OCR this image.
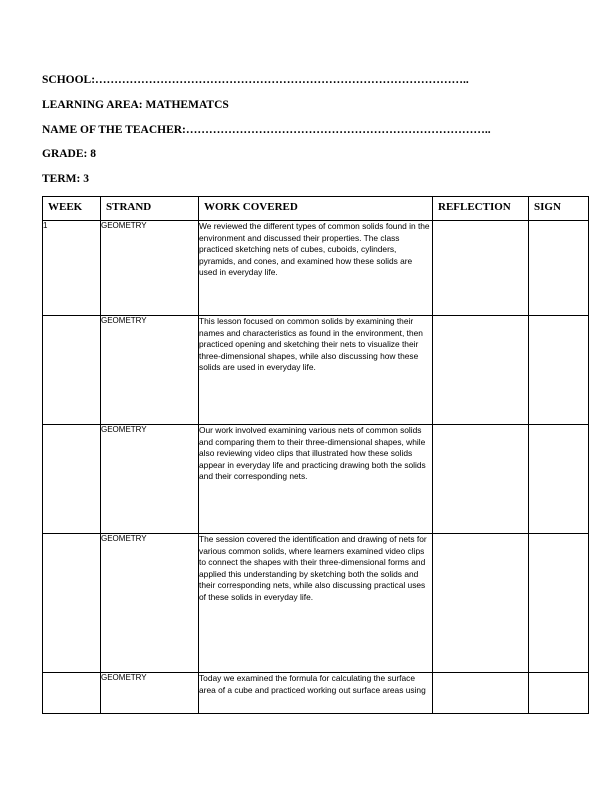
SCHOOL:……………………………………………………………………………………..
LEARNING AREA: MATHEMATCS
NAME OF THE TEACHER:……………………………………………………………………..
GRADE: 8
TERM: 3
WEEK	STRAND	WORK COVERED	REFLECTION	SIGN
1	GEOMETRY	We reviewed the different types of common solids found in the environment and discussed their properties. The class practiced sketching nets of cubes, cuboids, cylinders, pyramids, and cones, and examined how these solids are used in everyday life.		
	GEOMETRY	This lesson focused on common solids by examining their names and characteristics as found in the environment, then practiced opening and sketching their nets to visualize their three-dimensional shapes, while also discussing how these solids are used in everyday life.		
	GEOMETRY	Our work involved examining various nets of common solids and comparing them to their three-dimensional shapes, while also reviewing video clips that illustrated how these solids appear in everyday life and practicing drawing both the solids and their corresponding nets.		
	GEOMETRY	The session covered the identification and drawing of nets for various common solids, where learners examined video clips to connect the shapes with their three-dimensional forms and applied this understanding by sketching both the solids and their corresponding nets, while also discussing practical uses of these solids in everyday life.		
	GEOMETRY	Today we examined the formula for calculating the surface area of a cube and practiced working out surface areas using		
